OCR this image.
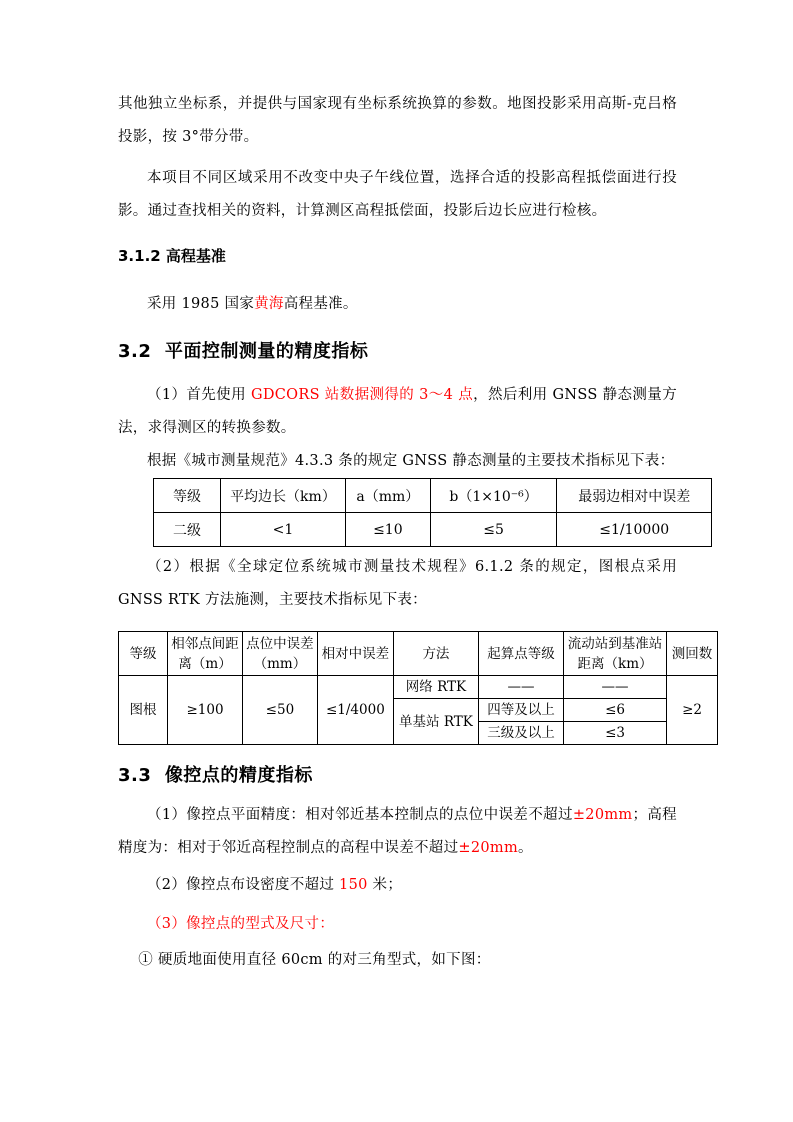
其他独立坐标系，并提供与国家现有坐标系统换算的参数。地图投影采用高斯-克吕格投影，按 3°带分带。

本项目不同区域采用不改变中央子午线位置，选择合适的投影高程抵偿面进行投影。通过查找相关的资料，计算测区高程抵偿面，投影后边长应进行检核。

3.1.2 高程基准

采用 1985 国家黄海高程基准。

3.2  平面控制测量的精度指标

（1）首先使用 GDCORS 站数据测得的 3～4 点，然后利用 GNSS 静态测量方法，求得测区的转换参数。

根据《城市测量规范》4.3.3 条的规定 GNSS 静态测量的主要技术指标见下表：

等级	平均边长（km）	a（mm）	b（1×10⁻⁶）	最弱边相对中误差
二级	<1	≤10	≤5	≤1/10000

（2）根据《全球定位系统城市测量技术规程》6.1.2 条的规定，图根点采用 GNSS RTK 方法施测，主要技术指标见下表：

等级	相邻点间距离（m）	点位中误差（mm）	相对中误差	方法	起算点等级	流动站到基准站距离（km）	测回数
图根	≥100	≤50	≤1/4000	网络 RTK	——	——	≥2
				单基站 RTK	四等及以上	≤6	
					三级及以上	≤3	
3.3  像控点的精度指标

（1）像控点平面精度：相对邻近基本控制点的点位中误差不超过±20mm；高程精度为：相对于邻近高程控制点的高程中误差不超过±20mm。

（2）像控点布设密度不超过 150 米；

（3）像控点的型式及尺寸：

① 硬质地面使用直径 60cm 的对三角型式，如下图：
